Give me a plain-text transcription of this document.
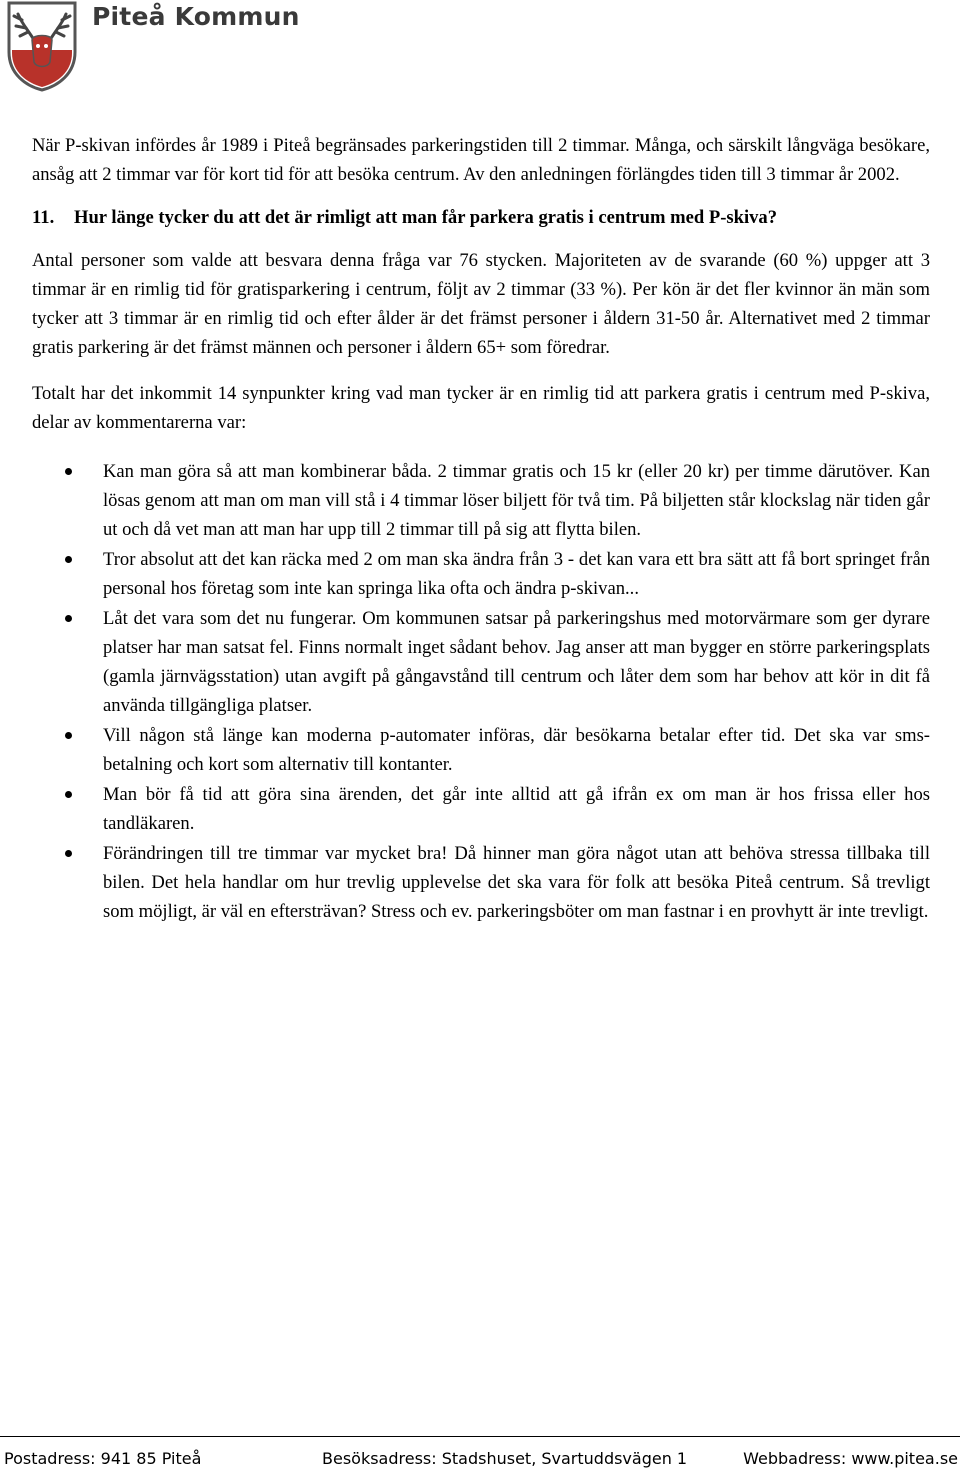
Piteå Kommun

När P-skivan infördes år 1989 i Piteå begränsades parkeringstiden till 2 timmar. Många, och särskilt långväga besökare, ansåg att 2 timmar var för kort tid för att besöka centrum. Av den anledningen förlängdes tiden till 3 timmar år 2002.

11. Hur länge tycker du att det är rimligt att man får parkera gratis i centrum med P-skiva?

Antal personer som valde att besvara denna fråga var 76 stycken. Majoriteten av de svarande (60 %) uppger att 3 timmar är en rimlig tid för gratisparkering i centrum, följt av 2 timmar (33 %). Per kön är det fler kvinnor än män som tycker att 3 timmar är en rimlig tid och efter ålder är det främst personer i åldern 31-50 år. Alternativet med 2 timmar gratis parkering är det främst männen och personer i åldern 65+ som föredrar.

Totalt har det inkommit 14 synpunkter kring vad man tycker är en rimlig tid att parkera gratis i centrum med P-skiva, delar av kommentarerna var:

Kan man göra så att man kombinerar båda. 2 timmar gratis och 15 kr (eller 20 kr) per timme därutöver. Kan lösas genom att man om man vill stå i 4 timmar löser biljett för två tim. På biljetten står klockslag när tiden går ut och då vet man att man har upp till 2 timmar till på sig att flytta bilen.
Tror absolut att det kan räcka med 2 om man ska ändra från 3 - det kan vara ett bra sätt att få bort springet från personal hos företag som inte kan springa lika ofta och ändra p-skivan...
Låt det vara som det nu fungerar. Om kommunen satsar på parkeringshus med motorvärmare som ger dyrare platser har man satsat fel. Finns normalt inget sådant behov. Jag anser att man bygger en större parkeringsplats (gamla järnvägsstation) utan avgift på gångavstånd till centrum och låter dem som har behov att kör in dit få använda tillgängliga platser.
Vill någon stå länge kan moderna p-automater införas, där besökarna betalar efter tid. Det ska var sms-betalning och kort som alternativ till kontanter.
Man bör få tid att göra sina ärenden, det går inte alltid att gå ifrån ex om man är hos frissa eller hos tandläkaren.
Förändringen till tre timmar var mycket bra! Då hinner man göra något utan att behöva stressa tillbaka till bilen. Det hela handlar om hur trevlig upplevelse det ska vara för folk att besöka Piteå centrum. Så trevligt som möjligt, är väl en eftersträvan? Stress och ev. parkeringsböter om man fastnar i en provhytt är inte trevligt.
Postadress: 941 85 Piteå	Besöksadress: Stadshuset, Svartuddsvägen 1	Webbadress: www.pitea.se
